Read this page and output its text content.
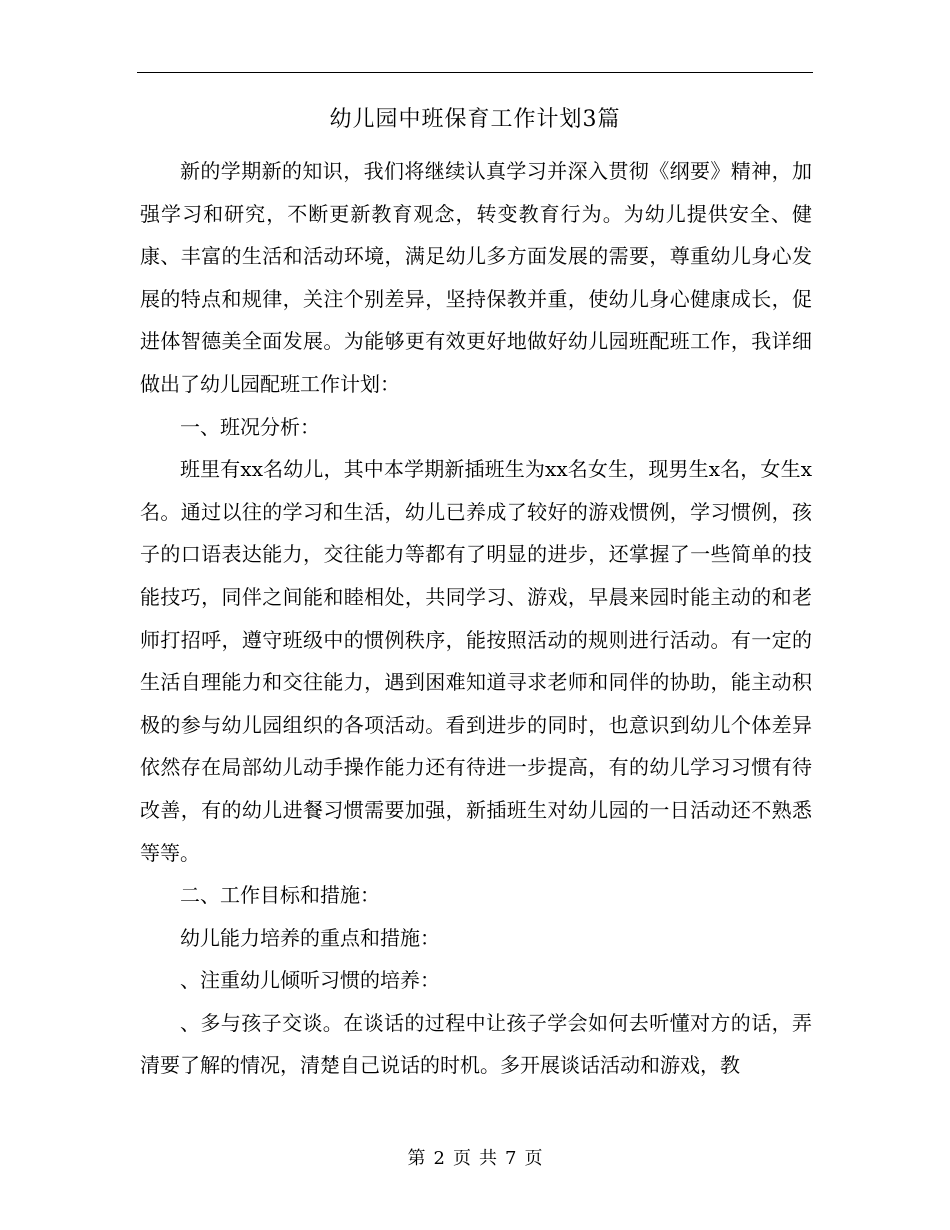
幼儿园中班保育工作计划3篇

新的学期新的知识，我们将继续认真学习并深入贯彻《纲要》精神，加强学习和研究，不断更新教育观念，转变教育行为。为幼儿提供安全、健康、丰富的生活和活动环境，满足幼儿多方面发展的需要，尊重幼儿身心发展的特点和规律，关注个别差异，坚持保教并重，使幼儿身心健康成长，促进体智德美全面发展。为能够更有效更好地做好幼儿园班配班工作，我详细做出了幼儿园配班工作计划：

一、班况分析：

班里有xx名幼儿，其中本学期新插班生为xx名女生，现男生x名，女生x名。通过以往的学习和生活，幼儿已养成了较好的游戏惯例，学习惯例，孩子的口语表达能力，交往能力等都有了明显的进步，还掌握了一些简单的技能技巧，同伴之间能和睦相处，共同学习、游戏，早晨来园时能主动的和老师打招呼，遵守班级中的惯例秩序，能按照活动的规则进行活动。有一定的生活自理能力和交往能力，遇到困难知道寻求老师和同伴的协助，能主动积极的参与幼儿园组织的各项活动。看到进步的同时，也意识到幼儿个体差异依然存在局部幼儿动手操作能力还有待进一步提高，有的幼儿学习习惯有待改善，有的幼儿进餐习惯需要加强，新插班生对幼儿园的一日活动还不熟悉等等。

二、工作目标和措施：

幼儿能力培养的重点和措施：

、注重幼儿倾听习惯的培养：

、多与孩子交谈。在谈话的过程中让孩子学会如何去听懂对方的话，弄清要了解的情况，清楚自己说话的时机。多开展谈话活动和游戏，教

第 2 页 共 7 页
